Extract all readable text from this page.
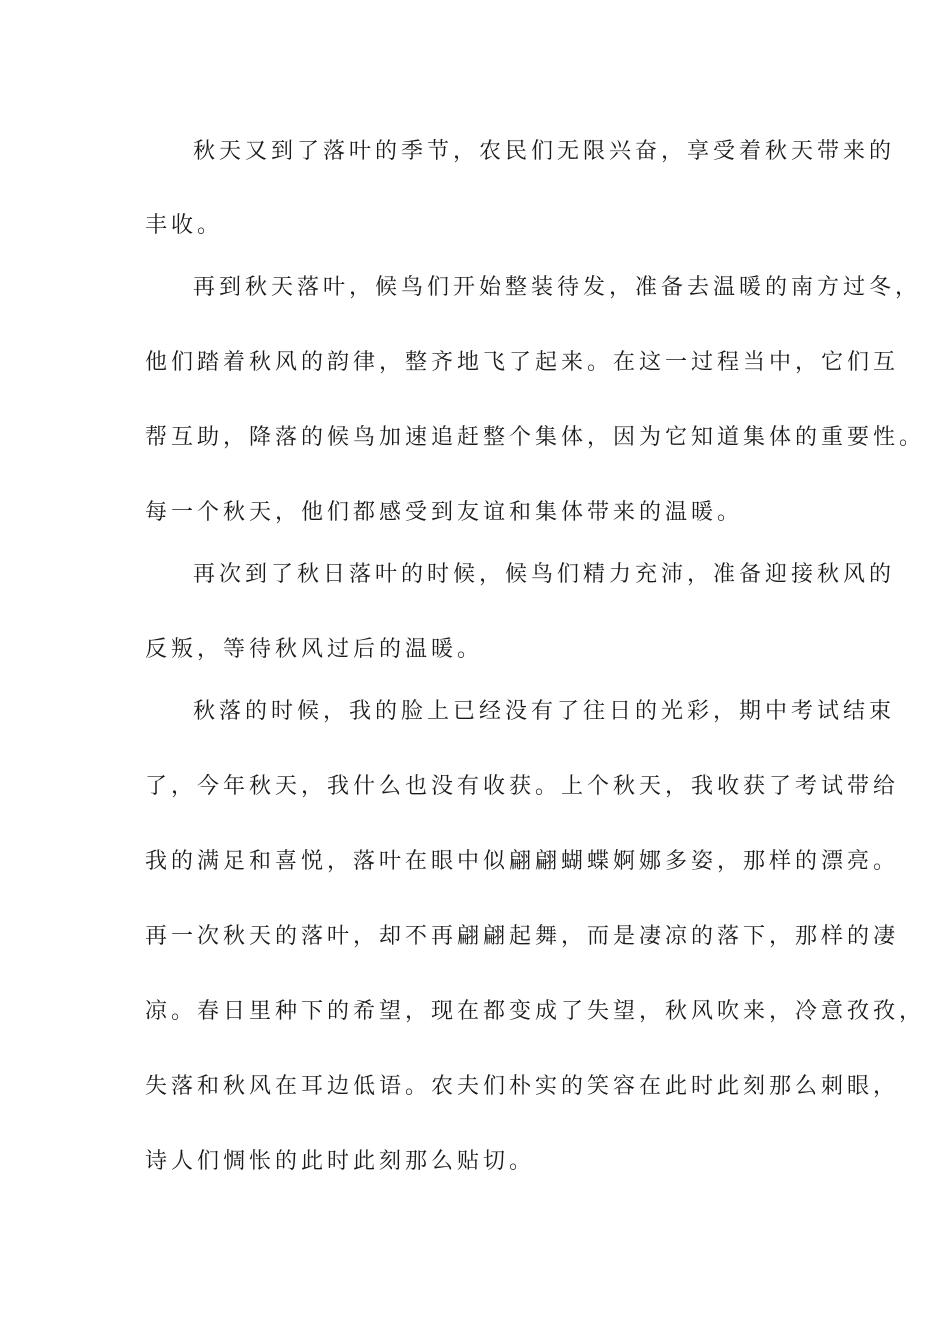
秋天又到了落叶的季节，农民们无限兴奋，享受着秋天带来的
丰收。
再到秋天落叶，候鸟们开始整装待发，准备去温暖的南方过冬，
他们踏着秋风的韵律，整齐地飞了起来。在这一过程当中，它们互
帮互助，降落的候鸟加速追赶整个集体，因为它知道集体的重要性。
每一个秋天，他们都感受到友谊和集体带来的温暖。
再次到了秋日落叶的时候，候鸟们精力充沛，准备迎接秋风的
反叛，等待秋风过后的温暖。
秋落的时候，我的脸上已经没有了往日的光彩，期中考试结束
了，今年秋天，我什么也没有收获。上个秋天，我收获了考试带给
我的满足和喜悦，落叶在眼中似翩翩蝴蝶婀娜多姿，那样的漂亮。
再一次秋天的落叶，却不再翩翩起舞，而是凄凉的落下，那样的凄
凉。春日里种下的希望，现在都变成了失望，秋风吹来，冷意孜孜，
失落和秋风在耳边低语。农夫们朴实的笑容在此时此刻那么刺眼，
诗人们惆怅的此时此刻那么贴切。
